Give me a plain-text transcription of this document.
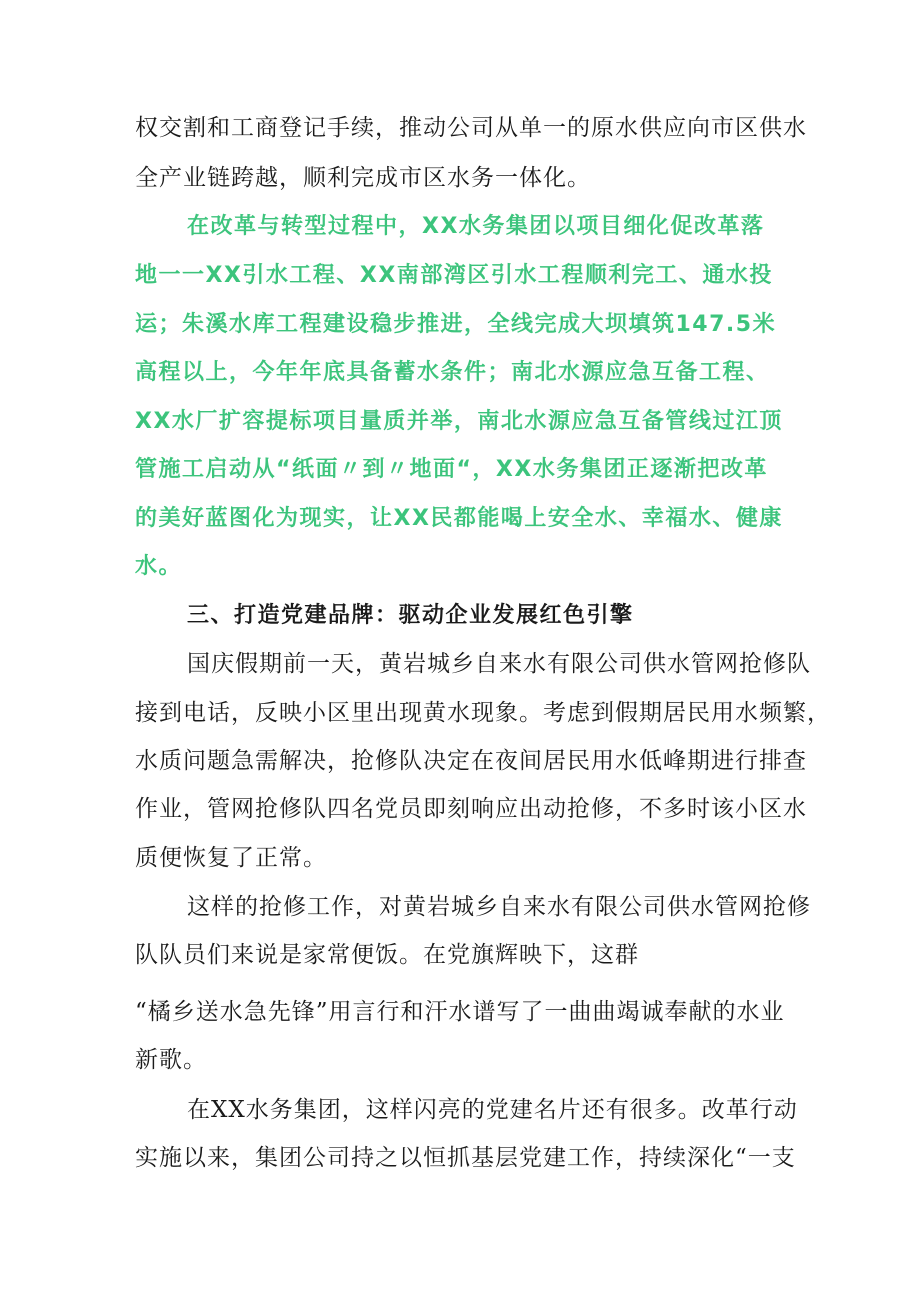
权交割和工商登记手续，推动公司从单一的原水供应向市区供水
全产业链跨越，顺利完成市区水务一体化。
在改革与转型过程中，XX水务集团以项目细化促改革落
地一一XX引水工程、XX南部湾区引水工程顺利完工、通水投
运；朱溪水库工程建设稳步推进，全线完成大坝填筑147.5米
高程以上，今年年底具备蓄水条件；南北水源应急互备工程、
XX水厂扩容提标项目量质并举，南北水源应急互备管线过江顶
管施工启动从“纸面〃到〃地面“，XX水务集团正逐渐把改革
的美好蓝图化为现实，让XX民都能喝上安全水、幸福水、健康
水。
三、打造党建品牌：驱动企业发展红色引擎
国庆假期前一天，黄岩城乡自来水有限公司供水管网抢修队
接到电话，反映小区里出现黄水现象。考虑到假期居民用水频繁，
水质问题急需解决，抢修队决定在夜间居民用水低峰期进行排查
作业，管网抢修队四名党员即刻响应出动抢修，不多时该小区水
质便恢复了正常。
这样的抢修工作，对黄岩城乡自来水有限公司供水管网抢修
队队员们来说是家常便饭。在党旗辉映下，这群
“橘乡送水急先锋”用言行和汗水谱写了一曲曲竭诚奉献的水业
新歌。
在XX水务集团，这样闪亮的党建名片还有很多。改革行动
实施以来，集团公司持之以恒抓基层党建工作，持续深化“一支
